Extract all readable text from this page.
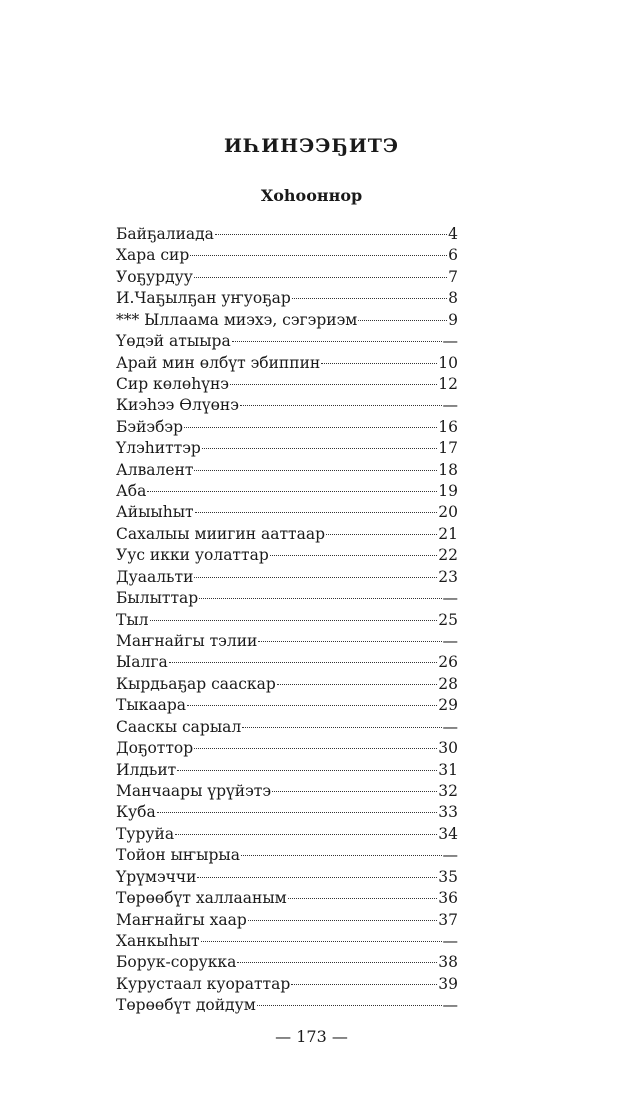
ИҺИНЭЭҔИТЭ
Хоһооннор
Байҕалиада	4
Хара сир	6
Уоҕурдуу	7
И.Чаҕылҕан уҥуоҕар	8
*** Ыллаама миэхэ, сэгэриэм	9
Үөдэй атыыра	—
Арай мин өлбүт эбиппин	10
Сир көлөһүнэ	12
Киэһээ Өлүөнэ	—
Бэйэбэр	16
Үлэһиттэр	17
Алвалент	18
Аба	19
Айыыһыт	20
Сахалыы миигин ааттаар	21
Уус икки уолаттар	22
Дуаальти	23
Былыттар	—
Тыл	25
Маҥнайгы тэлии	—
Ыалга	26
Кырдьаҕар сааскар	28
Тыкаара	29
Сааскы сарыал	—
Доҕоттор	30
Илдьит	31
Манчаары үрүйэтэ	32
Куба	33
Туруйа	34
Тойон ыҥырыа	—
Үрүмэччи	35
Төрөөбүт халлааным	36
Маҥнайгы хаар	37
Ханкыһыт	—
Борук-сорукка	38
Курустаал куораттар	39
Төрөөбүт дойдум	—
— 173 —
